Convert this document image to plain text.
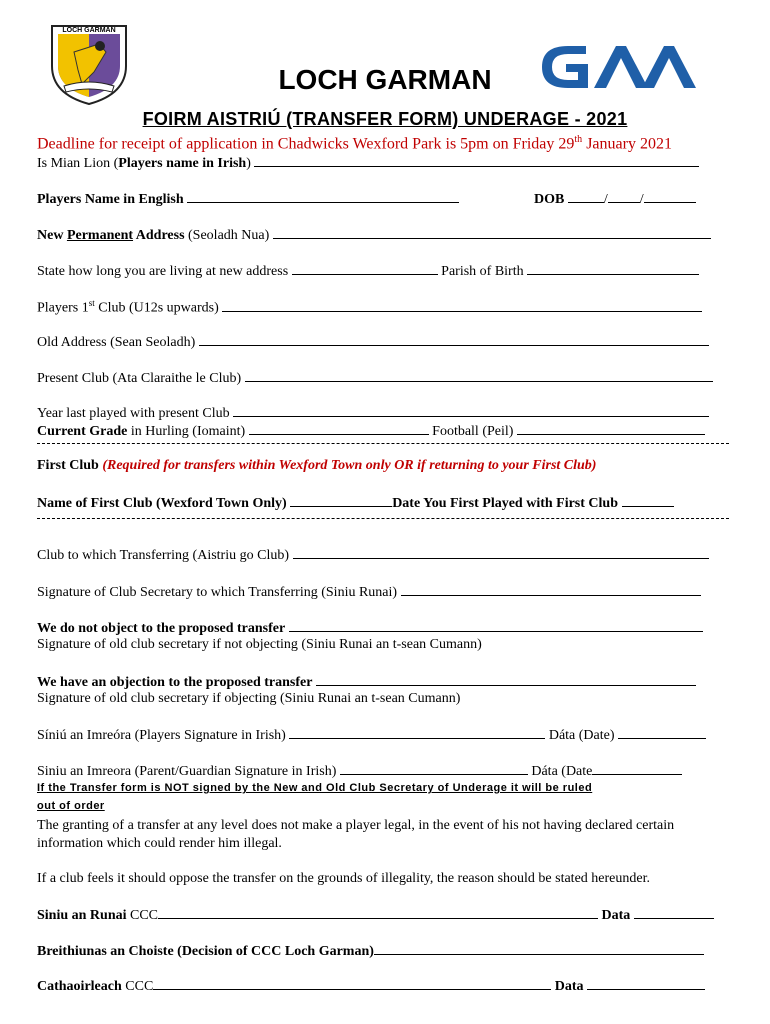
LOCH GARMAN
LOCH GARMAN
FOIRM AISTRIÚ (TRANSFER FORM) UNDERAGE - 2021
Deadline for receipt of application in Chadwicks Wexford Park is 5pm on Friday 29th January 2021
Is Mian Lion (Players name in Irish)
Players Name in English	DOB	/ /
New Permanent Address (Seoladh Nua)
State how long you are living at new address	Parish of Birth
Players 1st Club (U12s upwards)
Old Address (Sean Seoladh)
Present Club (Ata Claraithe le Club)
Year last played with present Club
Current Grade in Hurling (Iomaint)	Football (Peil)
First Club (Required for transfers within Wexford Town only OR if returning to your First Club)
Name of First Club (Wexford Town Only)	Date You First Played with First Club
Club to which Transferring (Aistriu go Club)
Signature of Club Secretary to which Transferring (Siniu Runai)
We do not object to the proposed transfer
Signature of old club secretary if not objecting (Siniu Runai an t-sean Cumann)
We have an objection to the proposed transfer
Signature of old club secretary if objecting (Siniu Runai an t-sean Cumann)
Síniú an Imreóra (Players Signature in Irish)	Dáta (Date)
Siniu an Imreora (Parent/Guardian Signature in Irish)	Dáta (Date
If the Transfer form is NOT signed by the New and Old Club Secretary of Underage it will be ruled
out of order
The granting of a transfer at any level does not make a player legal, in the event of his not having declared certain information which could render him illegal.
If a club feels it should oppose the transfer on the grounds of illegality, the reason should be stated hereunder.
Siniu an Runai CCC	Data
Breithiunas an Choiste (Decision of CCC Loch Garman)
Cathaoirleach CCC	Data
